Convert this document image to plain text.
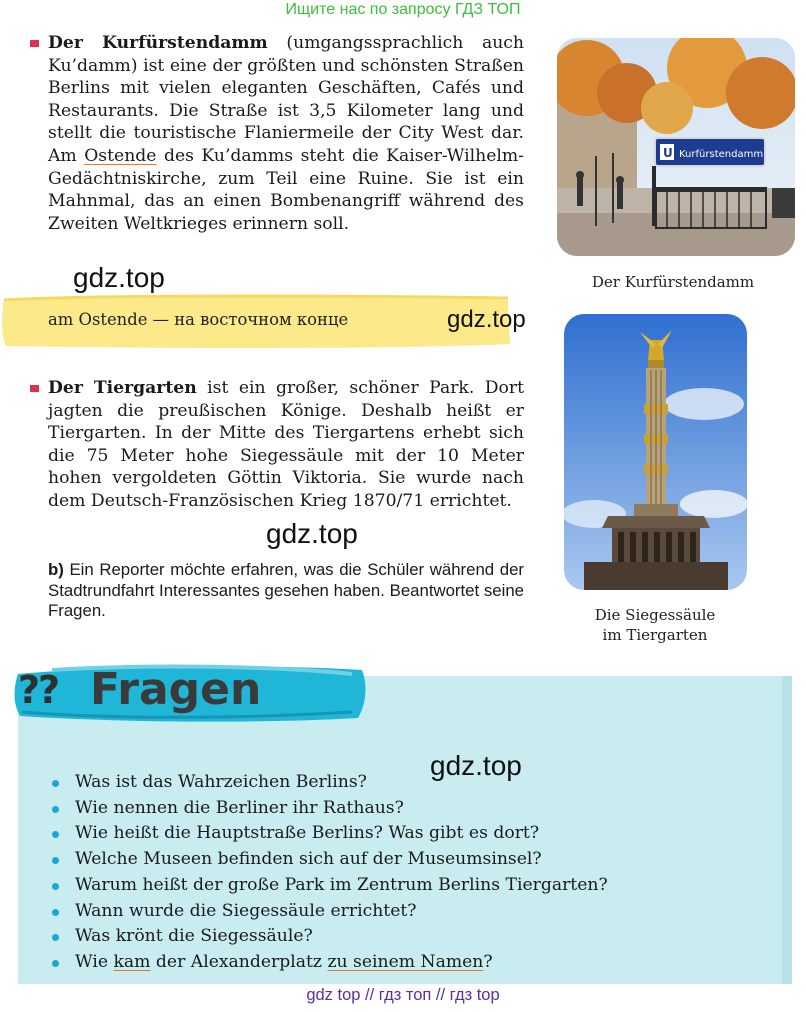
Ищите нас по запросу ГДЗ ТОП

Der Kurfürstendamm (umgangssprachlich auch Ku’damm) ist eine der größten und schönsten Straßen Berlins mit vielen eleganten Geschäften, Cafés und Restaurants. Die Straße ist 3,5 Kilometer lang und stellt die touristische Flaniermeile der City West dar. Am Ostende des Ku’damms steht die Kaiser-Wilhelm-Gedächtniskirche, zum Teil eine Ruine. Sie ist ein Mahnmal, das an einen Bombenangriff während des Zweiten Weltkrieges erinnern soll.

U Kurfürstendamm
Der Kurfürstendamm
gdz.top
am Ostende — на восточном конце	gdz.top

Der Tiergarten ist ein großer, schöner Park. Dort jagten die preußischen Könige. Deshalb heißt er Tiergarten. In der Mitte des Tiergartens erhebt sich die 75 Meter hohe Siegessäule mit der 10 Meter hohen vergoldeten Göttin Viktoria. Sie wurde nach dem Deutsch-Französischen Krieg 1870/71 errichtet.

Die Siegessäule
im Tiergarten
gdz.top

b) Ein Reporter möchte erfahren, was die Schüler während der Stadtrundfahrt Interessantes gesehen haben. Beantwortet seine Fragen.

?? Fragen
gdz.top
Was ist das Wahrzeichen Berlins?
Wie nennen die Berliner ihr Rathaus?
Wie heißt die Hauptstraße Berlins? Was gibt es dort?
Welche Museen befinden sich auf der Museumsinsel?
Warum heißt der große Park im Zentrum Berlins Tiergarten?
Wann wurde die Siegessäule errichtet?
Was krönt die Siegessäule?
Wie kam der Alexanderplatz zu seinem Namen?
gdz top // гдз топ // гдз top
